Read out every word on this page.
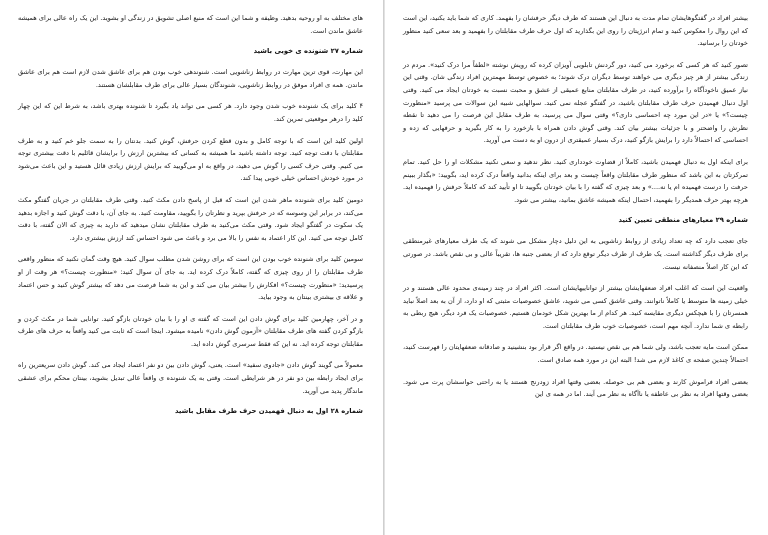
های مختلف به او روحیه بدهید. وظیفه و شما این است که منبع اصلی تشویق در زندگی او بشوید. این یک راه عالی برای همیشه عاشق ماندن است.

شماره ۲۷ شنونده ی خوبی باشید

این مهارت، قوی ترین مهارت در روابط زناشویی است. شنوندهی خوب بودن هم برای عاشق شدن لازم است هم برای عاشق ماندن. همه ی افراد موفق در روابط زناشویی، شنوندگان بسیار عالی برای طرف مقابلشان هستند.

۴ کلید برای یک شنونده خوب شدن وجود دارد. هر کسی می تواند یاد بگیرد تا شنونده بهتری باشد، به شرط این که این چهار کلید را درهر موقعیتی تمرین کند.

اولین کلید این است که با توجه کامل و بدون قطع کردن حرفش، گوش کنید. بدنتان را به سمت جلو خم کنید و به طرف مقابلتان با دقت توجه کنید. توجه داشته باشید ما همیشه به کسانی که بیشترین ارزش را برایشان قائلیم با دقت بیشتری توجه می کنیم. وقتی حرف کسی را گوش می دهید، در واقع به او می‌گویید که برایش ارزش زیادی قائل هستید و این باعث می‌شود در مورد خودش احساس خیلی خوبی پیدا کند.

دومین کلید برای شنونده ماهر شدن این است که قبل از پاسخ دادن مکث کنید. وقتی طرف مقابلتان در جریان گفتگو مکث می‌کند، در برابر این وسوسه که در حرفش بپرید و نظرتان را بگویید، مقاومت کنید. به جای آن، با دقت گوش کنید و اجازه بدهید یک سکوت در گفتگو ایجاد شود. وقتی مکث می‌کنید به طرف مقابلتان نشان میدهید که دارید به چیزی که الان گفته، با دقت کامل توجه می کنید. این کار اعتماد به نفس را بالا می برد و باعث می شود احساس کند ارزش بیشتری دارد.

سومین کلید برای شنونده خوب بودن این است که برای روشن شدن مطلب سوال کنید. هیچ وقت گمان نکنید که منظور واقعی طرف مقابلتان را از روی چیزی که گفته، کاملاً درک کرده اید. به جای آن سوال کنید: «منظورت چیست؟» هر وقت از او پرسیدید: «منظورت چیست؟» افکارش را بیشتر بیان می کند و این به شما فرصت می دهد که بیشتر گوش کنید و حس اعتماد و علاقه ی بیشتری بینتان به وجود بیاید.

و در آخر، چهارمین کلید برای گوش دادن این است که گفته ی او را با بیان خودتان بازگو کنید. توانایی شما در مکث کردن و بازگو کردن گفته های طرف مقابلتان «آزمون گوش دادن» نامیده میشود. اینجا است که ثابت می کنید واقعاً به حرف های طرف مقابلتان توجه کرده اید. نه این که فقط سرسری گوش داده اید.

معمولاً می گویند گوش دادن «جادوی سفید» است. یعنی، گوش دادن بین دو نفر اعتماد ایجاد می کند. گوش دادن سریعترین راه برای ایجاد رابطه بین دو نفر در هر شرایطی است. وقتی به یک شنونده ی واقعاً عالی تبدیل بشوید، بینتان محکم برای عشقی ماندگار پدید می آورید.

شماره ۲۸ اول به دنبال فهمیدن حرف طرف مقابل باشید

بیشتر افراد در گفتگوهایشان تمام مدت به دنبال این هستند که طرف دیگر حرفشان را بفهمد. کاری که شما باید بکنید، این است که این روال را معکوس کنید و تمام انرژیتان را روی این بگذارید که اول حرف طرف مقابلتان را بفهمید و بعد سعی کنید منظور خودتان را برسانید.

تصور کنید که هر کسی که برخورد می کنید، دور گردنش تابلویی آویزان کرده که رویش نوشته «لطفاً مرا درک کنید». مردم در زندگی بیشتر از هر چیز دیگری می خواهند توسط دیگران درک شوند؛ به خصوص توسط مهمترین افراد زندگی شان. وقتی این نیاز عمیق ناخودآگاه را برآورده کنید، در طرف مقابلتان منابع عمیقی از عشق و محبت نسبت به خودتان ایجاد می کنید. وقتی اول دنبال فهمیدن حرف طرف مقابلتان باشید، در گفتگو عجله نمی کنید. سوالهایی شبیه این سوالات می پرسید «منظورت چیست؟» یا «در این مورد چه احساسی داری؟» وقتی سوال می پرسید، به طرف مقابل این فرصت را می دهید تا نقطه نظرش را واضحتر و با جزئیات بیشتر بیان کند. وقتی گوش دادن همراه با بازخورد را به کار بگیرید و حرفهایی که زده و احساسی که احتمالاً دارد را برایش بازگو کنید، درک بسیار عمیقتری از درون او به دست می آورید.

برای اینکه اول به دنبال فهمیدن باشید، کاملاً از قضاوت خودداری کنید. نظر ندهید و سعی نکنید مشکلات او را حل کنید. تمام تمرکزتان به این باشد که منظور طرف مقابلتان واقعاً چیست و بعد برای اینکه بدانید واقعاً درک کرده اید، بگویید: «بگذار ببینم حرفت را درست فهمیده ام یا نه....» و بعد چیزی که گفته را با بیان خودتان بگویید تا او تأیید کند که کاملاً حرفش را فهمیده اید. هرچه بهتر حرف همدیگر را بفهمید، احتمال اینکه همیشه عاشق بمانید، بیشتر می شود.

شماره ۲۹ معیارهای منطقی تعیین کنید

جای تعجب دارد که چه تعداد زیادی از روابط زناشویی به این دلیل دچار مشکل می شوند که یک طرف معیارهای غیرمنطقی برای طرف دیگر گذاشته است. یک طرف از طرف دیگر توقع دارد که از بعضی جنبه ها، تقریباً عالی و بی نقص باشد. در صورتی که این کار اصلاً منصفانه نیست.

واقعیت این است که اغلب افراد ضعفهایشان بیشتر از تواناییهایشان است. اکثر افراد در چند زمینه‌ی محدود عالی هستند و در خیلی زمینه ها متوسط یا کاملاً ناتوانند. وقتی عاشق کسی می شوید، عاشق خصوصیات مثبتی که او دارد، از آن به بعد اصلاً نباید همسرتان را با هیچکس دیگری مقایسه کنید. هر کدام از ما بهترین شکل خودمان هستیم. خصوصیات یک فرد دیگر، هیچ ربطی به رابطه ی شما ندارد. آنچه مهم است، خصوصیات خوب طرف مقابلتان است.

ممکن است مایه تعجب باشد، ولی شما هم بی نقص نیستید. در واقع اگر قرار بود بنشینید و صادقانه ضعفهایتان را فهرست کنید، احتمالاً چندین صفحه ی کاغذ لازم می شد! البته این در مورد همه صادق است.

بعضی افراد فراموش کارند و بعضی هم بی حوصله. بعضی وقتها افراد زودرنج هستند یا به راحتی حواسشان پرت می شود. بعضی وقتها افراد به نظر بی عاطفه یا ناآگاه به نظر می آیند. اما در همه ی این
